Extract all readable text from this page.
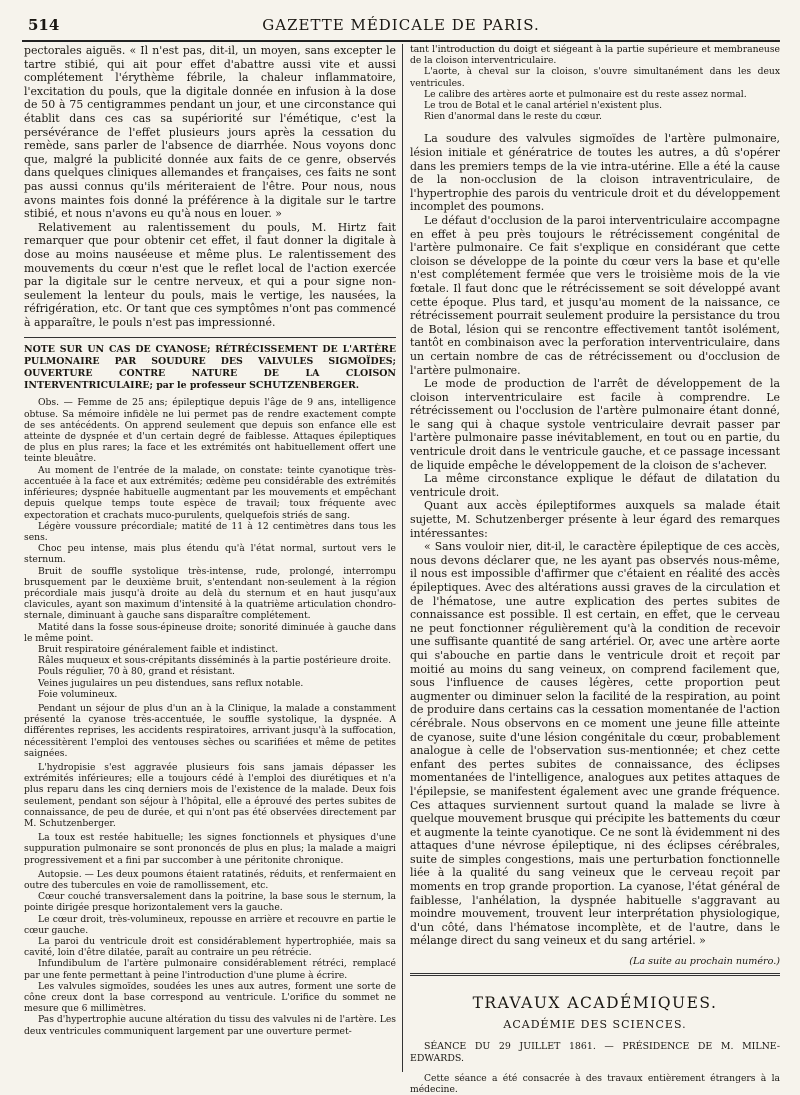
514	GAZETTE MÉDICALE DE PARIS.

pectorales aiguës. « Il n'est pas, dit-il, un moyen, sans excepter le tartre stibié, qui ait pour effet d'abattre aussi vite et aussi complétement l'érythème fébrile, la chaleur inflammatoire, l'excitation du pouls, que la digitale donnée en infusion à la dose de 50 à 75 centigrammes pendant un jour, et une circonstance qui établit dans ces cas sa supériorité sur l'émétique, c'est la persévérance de l'effet plusieurs jours après la cessation du remède, sans parler de l'absence de diarrhée. Nous voyons donc que, malgré la publicité donnée aux faits de ce genre, observés dans quelques cliniques allemandes et françaises, ces faits ne sont pas aussi connus qu'ils mériteraient de l'être. Pour nous, nous avons maintes fois donné la préférence à la digitale sur le tartre stibié, et nous n'avons eu qu'à nous en louer. »

Relativement au ralentissement du pouls, M. Hirtz fait remarquer que pour obtenir cet effet, il faut donner la digitale à dose au moins nauséeuse et même plus. Le ralentissement des mouvements du cœur n'est que le reflet local de l'action exercée par la digitale sur le centre nerveux, et qui a pour signe non-seulement la lenteur du pouls, mais le vertige, les nausées, la réfrigération, etc. Or tant que ces symptômes n'ont pas commencé à apparaître, le pouls n'est pas impressionné.

NOTE SUR UN CAS DE CYANOSE; RÉTRÉCISSEMENT DE L'ARTÈRE PULMONAIRE PAR SOUDURE DES VALVULES SIGMOÏDES; OUVERTURE CONTRE NATURE DE LA CLOISON INTERVENTRICULAIRE; par le professeur SCHUTZENBERGER.

Obs. — Femme de 25 ans; épileptique depuis l'âge de 9 ans, intelligence obtuse. Sa mémoire infidèle ne lui permet pas de rendre exactement compte de ses antécédents. On apprend seulement que depuis son enfance elle est atteinte de dyspnée et d'un certain degré de faiblesse. Attaques épileptiques de plus en plus rares; la face et les extrémités ont habituellement offert une teinte bleuâtre.

Au moment de l'entrée de la malade, on constate: teinte cyanotique très-accentuée à la face et aux extrémités; œdème peu considérable des extrémités inférieures; dyspnée habituelle augmentant par les mouvements et empêchant depuis quelque temps toute espèce de travail; toux fréquente avec expectoration et crachats muco-purulents, quelquefois striés de sang.

Légère voussure précordiale; matité de 11 à 12 centimètres dans tous les sens.

Choc peu intense, mais plus étendu qu'à l'état normal, surtout vers le sternum.

Bruit de souffle systolique très-intense, rude, prolongé, interrompu brusquement par le deuxième bruit, s'entendant non-seulement à la région précordiale mais jusqu'à droite au delà du sternum et en haut jusqu'aux clavicules, ayant son maximum d'intensité à la quatrième articulation chondro-sternale, diminuant à gauche sans disparaître complétement.

Matité dans la fosse sous-épineuse droite; sonorité diminuée à gauche dans le même point.

Bruit respiratoire généralement faible et indistinct.

Râles muqueux et sous-crépitants disséminés à la partie postérieure droite.

Pouls régulier, 70 à 80, grand et résistant.

Veines jugulaires un peu distendues, sans reflux notable.

Foie volumineux.

Pendant un séjour de plus d'un an à la Clinique, la malade a constamment présenté la cyanose très-accentuée, le souffle systolique, la dyspnée. A différentes reprises, les accidents respiratoires, arrivant jusqu'à la suffocation, nécessitèrent l'emploi des ventouses sèches ou scarifiées et même de petites saignées.

L'hydropisie s'est aggravée plusieurs fois sans jamais dépasser les extrémités inférieures; elle a toujours cédé à l'emploi des diurétiques et n'a plus reparu dans les cinq derniers mois de l'existence de la malade. Deux fois seulement, pendant son séjour à l'hôpital, elle a éprouvé des pertes subites de connaissance, de peu de durée, et qui n'ont pas été observées directement par M. Schutzenberger.

La toux est restée habituelle; les signes fonctionnels et physiques d'une suppuration pulmonaire se sont prononcés de plus en plus; la malade a maigri progressivement et a fini par succomber à une péritonite chronique.

Autopsie. — Les deux poumons étaient ratatinés, réduits, et renfermaient en outre des tubercules en voie de ramollissement, etc.

Cœur couché transversalement dans la poitrine, la base sous le sternum, la pointe dirigée presque horizontalement vers la gauche.

Le cœur droit, très-volumineux, repousse en arrière et recouvre en partie le cœur gauche.

La paroi du ventricule droit est considérablement hypertrophiée, mais sa cavité, loin d'être dilatée, paraît au contraire un peu rétrécie.

Infundibulum de l'artère pulmonaire considérablement rétréci, remplacé par une fente permettant à peine l'introduction d'une plume à écrire.

Les valvules sigmoïdes, soudées les unes aux autres, forment une sorte de cône creux dont la base correspond au ventricule. L'orifice du sommet ne mesure que 6 millimètres.

Pas d'hypertrophie aucune altération du tissu des valvules ni de l'artère. Les deux ventricules communiquent largement par une ouverture permet-

tant l'introduction du doigt et siégeant à la partie supérieure et membraneuse de la cloison interventriculaire.

L'aorte, à cheval sur la cloison, s'ouvre simultanément dans les deux ventricules.

Le calibre des artères aorte et pulmonaire est du reste assez normal.

Le trou de Botal et le canal artériel n'existent plus.

Rien d'anormal dans le reste du cœur.

La soudure des valvules sigmoïdes de l'artère pulmonaire, lésion initiale et génératrice de toutes les autres, a dû s'opérer dans les premiers temps de la vie intra-utérine. Elle a été la cause de la non-occlusion de la cloison intraventriculaire, de l'hypertrophie des parois du ventricule droit et du développement incomplet des poumons.

Le défaut d'occlusion de la paroi interventriculaire accompagne en effet à peu près toujours le rétrécissement congénital de l'artère pulmonaire. Ce fait s'explique en considérant que cette cloison se développe de la pointe du cœur vers la base et qu'elle n'est complétement fermée que vers le troisième mois de la vie fœtale. Il faut donc que le rétrécissement se soit développé avant cette époque. Plus tard, et jusqu'au moment de la naissance, ce rétrécissement pourrait seulement produire la persistance du trou de Botal, lésion qui se rencontre effectivement tantôt isolément, tantôt en combinaison avec la perforation interventriculaire, dans un certain nombre de cas de rétrécissement ou d'occlusion de l'artère pulmonaire.

Le mode de production de l'arrêt de développement de la cloison interventriculaire est facile à comprendre. Le rétrécissement ou l'occlusion de l'artère pulmonaire étant donné, le sang qui à chaque systole ventriculaire devrait passer par l'artère pulmonaire passe inévitablement, en tout ou en partie, du ventricule droit dans le ventricule gauche, et ce passage incessant de liquide empêche le développement de la cloison de s'achever.

La même circonstance explique le défaut de dilatation du ventricule droit.

Quant aux accès épileptiformes auxquels sa malade était sujette, M. Schutzenberger présente à leur égard des remarques intéressantes:

« Sans vouloir nier, dit-il, le caractère épileptique de ces accès, nous devons déclarer que, ne les ayant pas observés nous-même, il nous est impossible d'affirmer que c'étaient en réalité des accès épileptiques. Avec des altérations aussi graves de la circulation et de l'hématose, une autre explication des pertes subites de connaissance est possible. Il est certain, en effet, que le cerveau ne peut fonctionner régulièrement qu'à la condition de recevoir une suffisante quantité de sang artériel. Or, avec une artère aorte qui s'abouche en partie dans le ventricule droit et reçoit par moitié au moins du sang veineux, on comprend facilement que, sous l'influence de causes légères, cette proportion peut augmenter ou diminuer selon la facilité de la respiration, au point de produire dans certains cas la cessation momentanée de l'action cérébrale. Nous observons en ce moment une jeune fille atteinte de cyanose, suite d'une lésion congénitale du cœur, probablement analogue à celle de l'observation sus-mentionnée; et chez cette enfant des pertes subites de connaissance, des éclipses momentanées de l'intelligence, analogues aux petites attaques de l'épilepsie, se manifestent également avec une grande fréquence. Ces attaques surviennent surtout quand la malade se livre à quelque mouvement brusque qui précipite les battements du cœur et augmente la teinte cyanotique. Ce ne sont là évidemment ni des attaques d'une névrose épileptique, ni des éclipses cérébrales, suite de simples congestions, mais une perturbation fonctionnelle liée à la qualité du sang veineux que le cerveau reçoit par moments en trop grande proportion. La cyanose, l'état général de faiblesse, l'anhélation, la dyspnée habituelle s'aggravant au moindre mouvement, trouvent leur interprétation physiologique, d'un côté, dans l'hématose incomplète, et de l'autre, dans le mélange direct du sang veineux et du sang artériel. »

(La suite au prochain numéro.)
TRAVAUX ACADÉMIQUES.
ACADÉMIE DES SCIENCES.

SÉANCE DU 29 JUILLET 1861. — PRÉSIDENCE DE M. MILNE-EDWARDS.

Cette séance a été consacrée à des travaux entièrement étrangers à la médecine.
